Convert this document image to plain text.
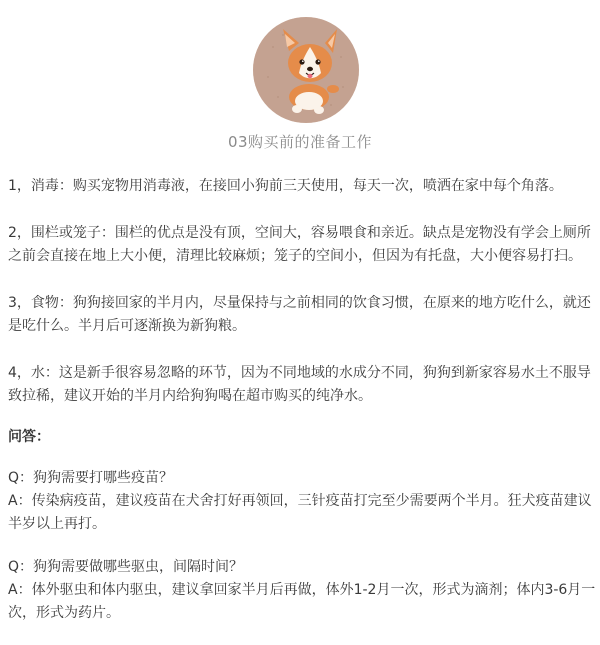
03购买前的准备工作

1，消毒：购买宠物用消毒液，在接回小狗前三天使用，每天一次，喷洒在家中每个角落。

2，围栏或笼子：围栏的优点是没有顶，空间大，容易喂食和亲近。缺点是宠物没有学会上厕所之前会直接在地上大小便，清理比较麻烦；笼子的空间小，但因为有托盘，大小便容易打扫。

3，食物：狗狗接回家的半月内，尽量保持与之前相同的饮食习惯，在原来的地方吃什么，就还是吃什么。半月后可逐渐换为新狗粮。

4，水：这是新手很容易忽略的环节，因为不同地域的水成分不同，狗狗到新家容易水土不服导致拉稀，建议开始的半月内给狗狗喝在超市购买的纯净水。

问答：
Q：狗狗需要打哪些疫苗？
A：传染病疫苗，建议疫苗在犬舍打好再领回，三针疫苗打完至少需要两个半月。狂犬疫苗建议半岁以上再打。
Q：狗狗需要做哪些驱虫，间隔时间？
A：体外驱虫和体内驱虫，建议拿回家半月后再做，体外1-2月一次，形式为滴剂；体内3-6月一次，形式为药片。
